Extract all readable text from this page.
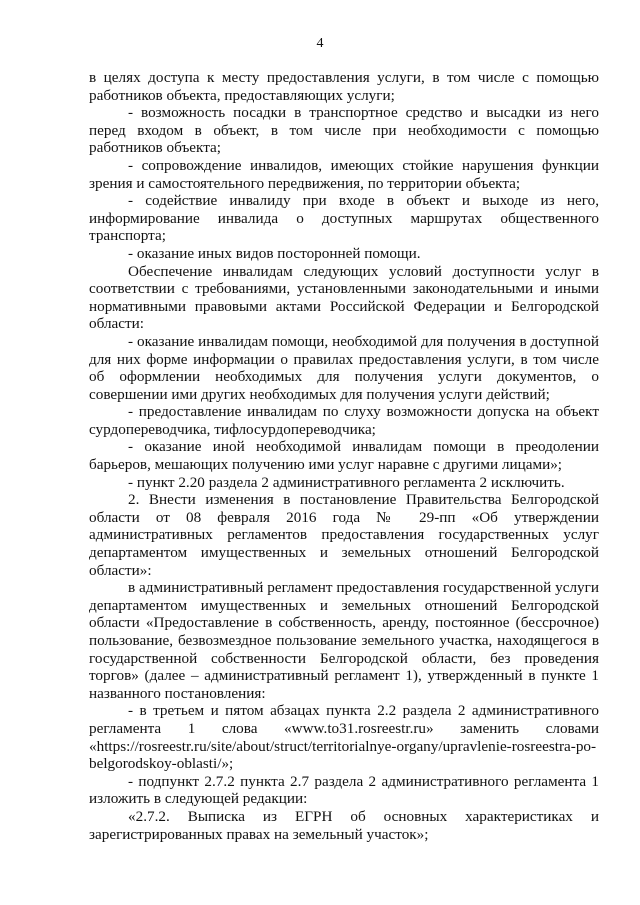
4

в целях доступа к месту предоставления услуги, в том числе с помощью работников объекта, предоставляющих услуги;

- возможность посадки в транспортное средство и высадки из него перед входом в объект, в том числе при необходимости с помощью работников объекта;

- сопровождение инвалидов, имеющих стойкие нарушения функции зрения и самостоятельного передвижения, по территории объекта;

- содействие инвалиду при входе в объект и выходе из него, информирование инвалида о доступных маршрутах общественного транспорта;

- оказание иных видов посторонней помощи.

Обеспечение инвалидам следующих условий доступности услуг в соответствии с требованиями, установленными законодательными и иными нормативными правовыми актами Российской Федерации и Белгородской области:

- оказание инвалидам помощи, необходимой для получения в доступной для них форме информации о правилах предоставления услуги, в том числе об оформлении необходимых для получения услуги документов, о совершении ими других необходимых для получения услуги действий;

- предоставление инвалидам по слуху возможности допуска на объект сурдопереводчика, тифлосурдопереводчика;

- оказание иной необходимой инвалидам помощи в преодолении барьеров, мешающих получению ими услуг наравне с другими лицами»;

- пункт 2.20 раздела 2 административного регламента 2 исключить.

2. Внести изменения в постановление Правительства Белгородской области от 08 февраля 2016 года № 29-пп «Об утверждении административных регламентов предоставления государственных услуг департаментом имущественных и земельных отношений Белгородской области»:

в административный регламент предоставления государственной услуги департаментом имущественных и земельных отношений Белгородской области «Предоставление в собственность, аренду, постоянное (бессрочное) пользование, безвозмездное пользование земельного участка, находящегося в государственной собственности Белгородской области, без проведения торгов» (далее – административный регламент 1), утвержденный в пункте 1 названного постановления:

- в третьем и пятом абзацах пункта 2.2 раздела 2 административного регламента 1 слова «www.to31.rosreestr.ru» заменить словами «https://rosreestr.ru/site/about/struct/territorialnye-organy/upravlenie-rosreestra-po-belgorodskoy-oblasti/»;

- подпункт 2.7.2 пункта 2.7 раздела 2 административного регламента 1 изложить в следующей редакции:

«2.7.2. Выписка из ЕГРН об основных характеристиках и зарегистрированных правах на земельный участок»;
